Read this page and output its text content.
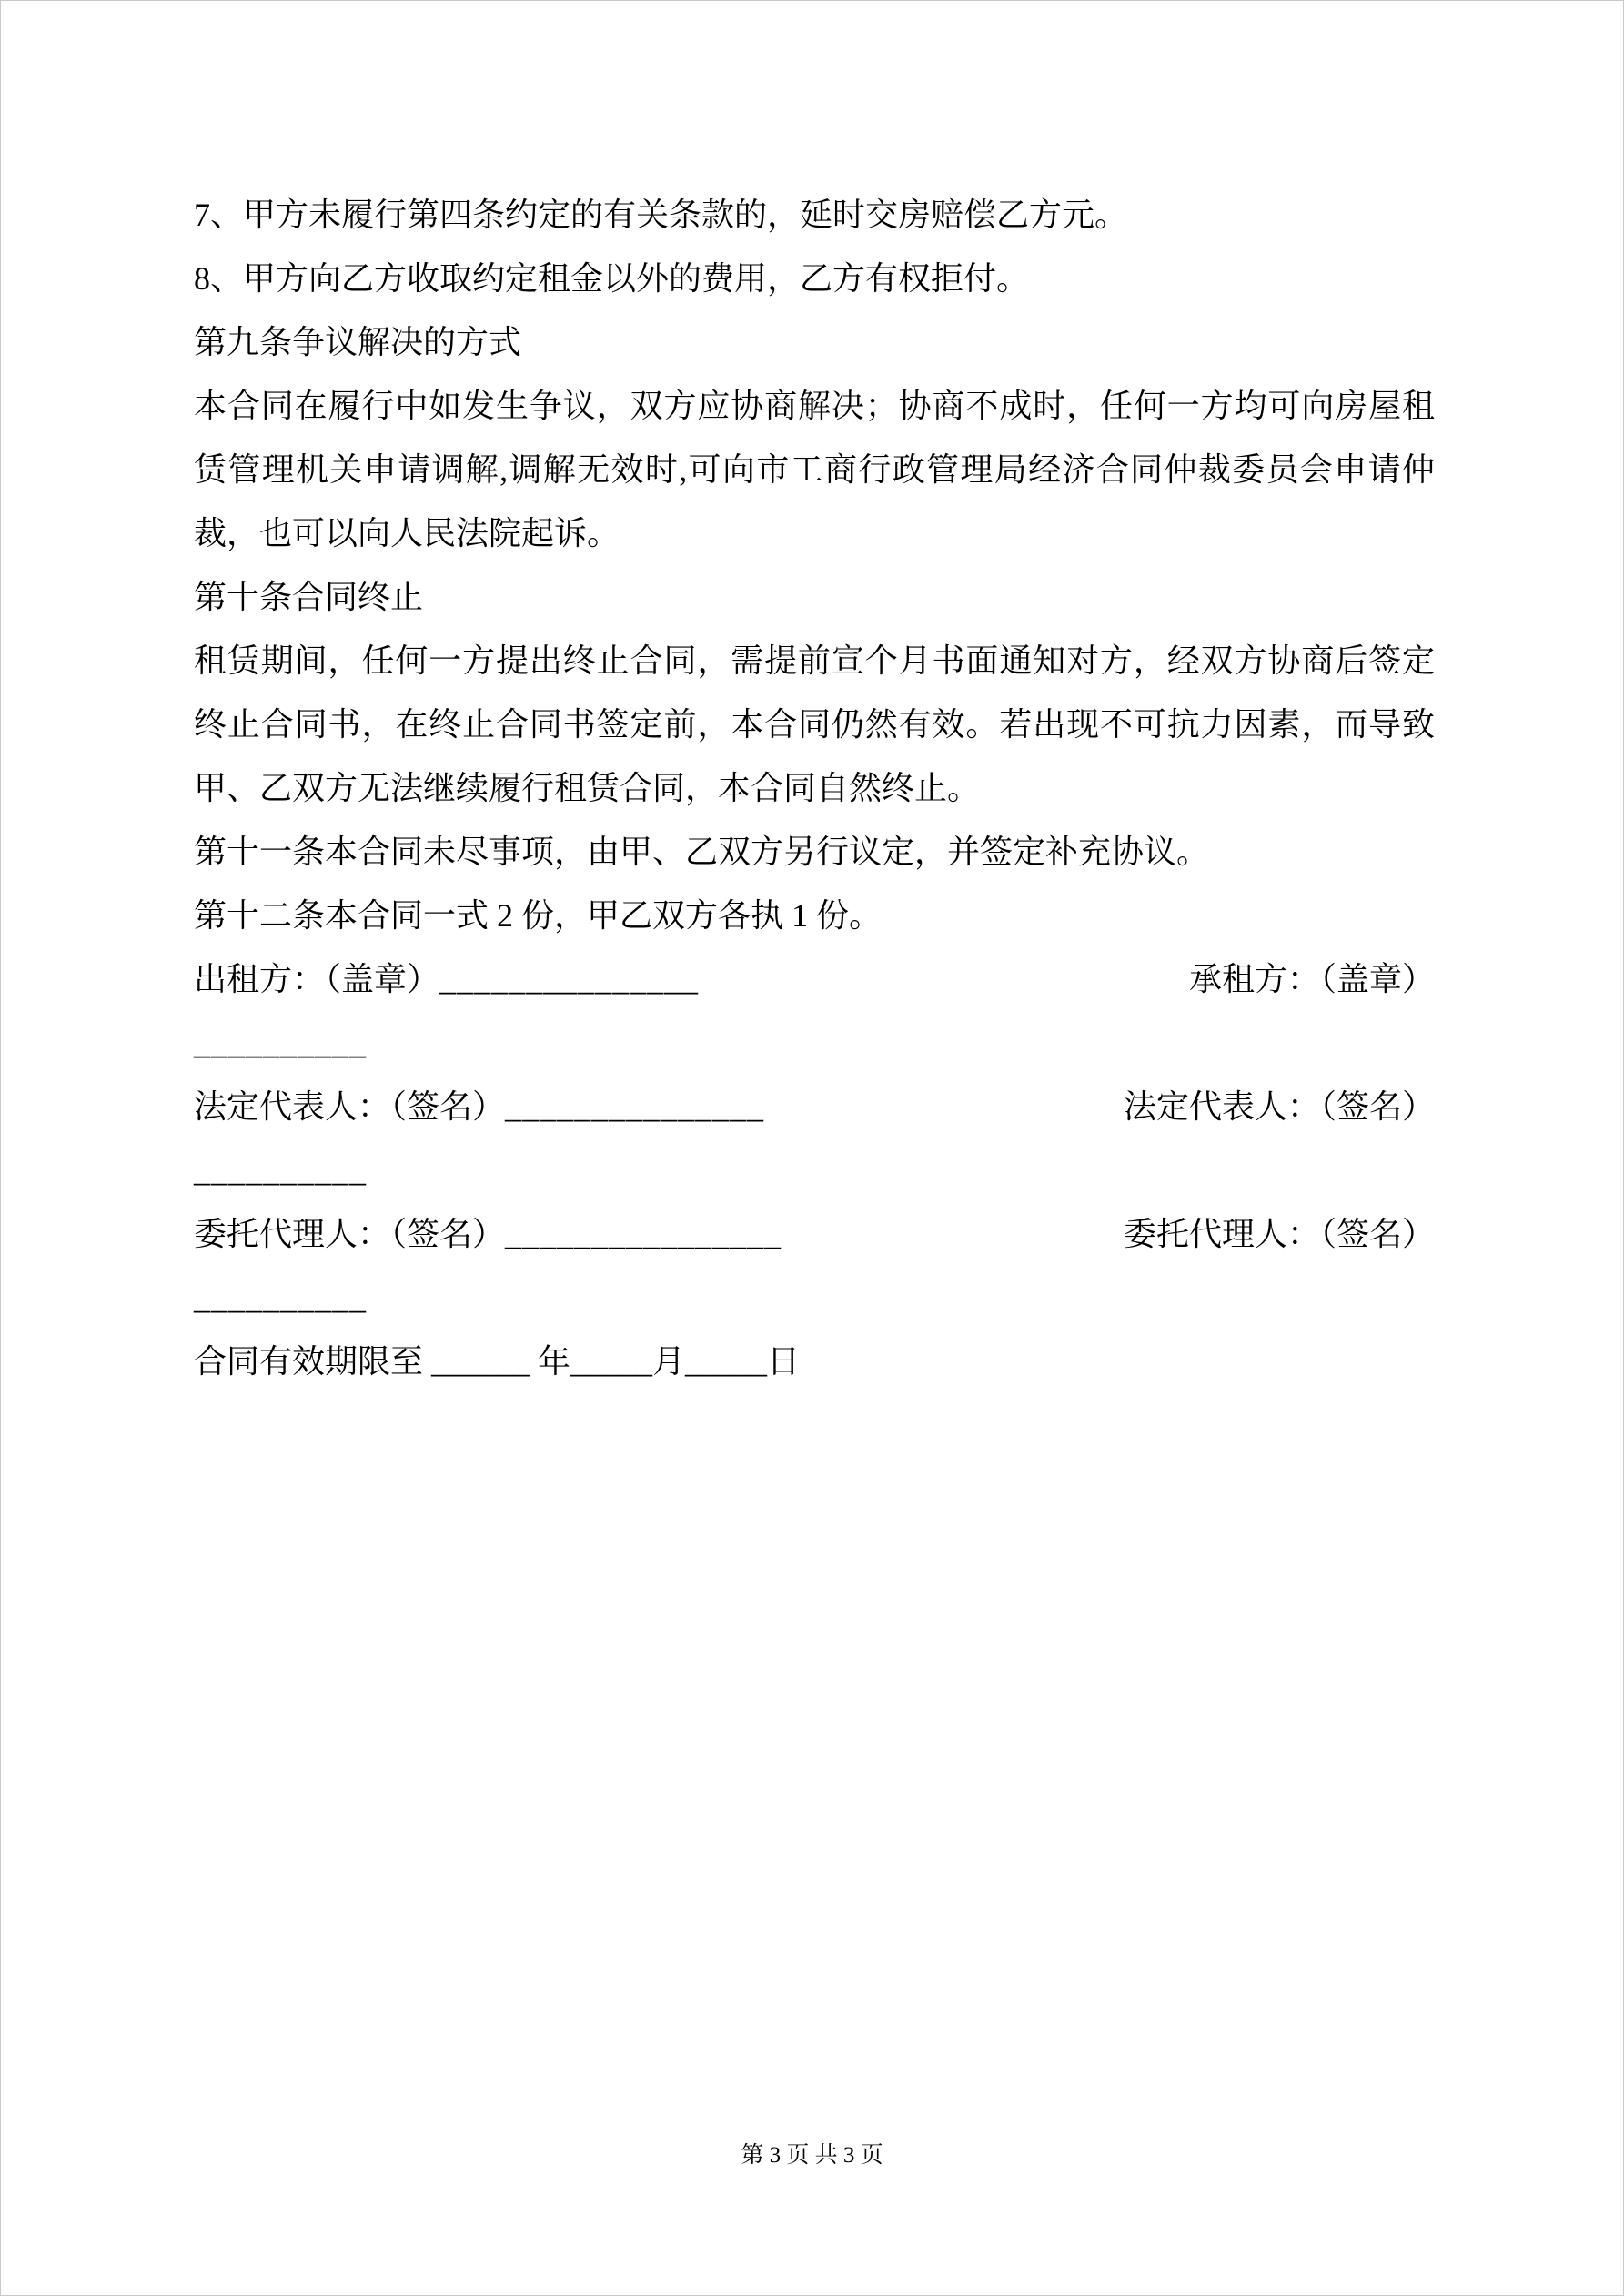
7、甲方未履行第四条约定的有关条款的，延时交房赔偿乙方元。

8、甲方向乙方收取约定租金以外的费用，乙方有权拒付。

第九条争议解决的方式

本合同在履行中如发生争议，双方应协商解决；协商不成时，任何一方均可向房屋租赁管理机关申请调解,调解无效时,可向市工商行政管理局经济合同仲裁委员会申请仲裁，也可以向人民法院起诉。

第十条合同终止

租赁期间，任何一方提出终止合同，需提前宣个月书面通知对方，经双方协商后签定终止合同书，在终止合同书签定前，本合同仍然有效。若出现不可抗力因素，而导致甲、乙双方无法继续履行租赁合同，本合同自然终止。

第十一条本合同未尽事项，由甲、乙双方另行议定，并签定补充协议。

第十二条本合同一式 2 份，甲乙双方各执 1 份。

出租方：（盖章）_______________	承租方：（盖章）
__________
法定代表人：（签名）_______________	法定代表人：（签名）
__________
委托代理人：（签名）________________	委托代理人：（签名）
__________
合同有效期限至 ______ 年_____月_____日
第 3 页 共 3 页
